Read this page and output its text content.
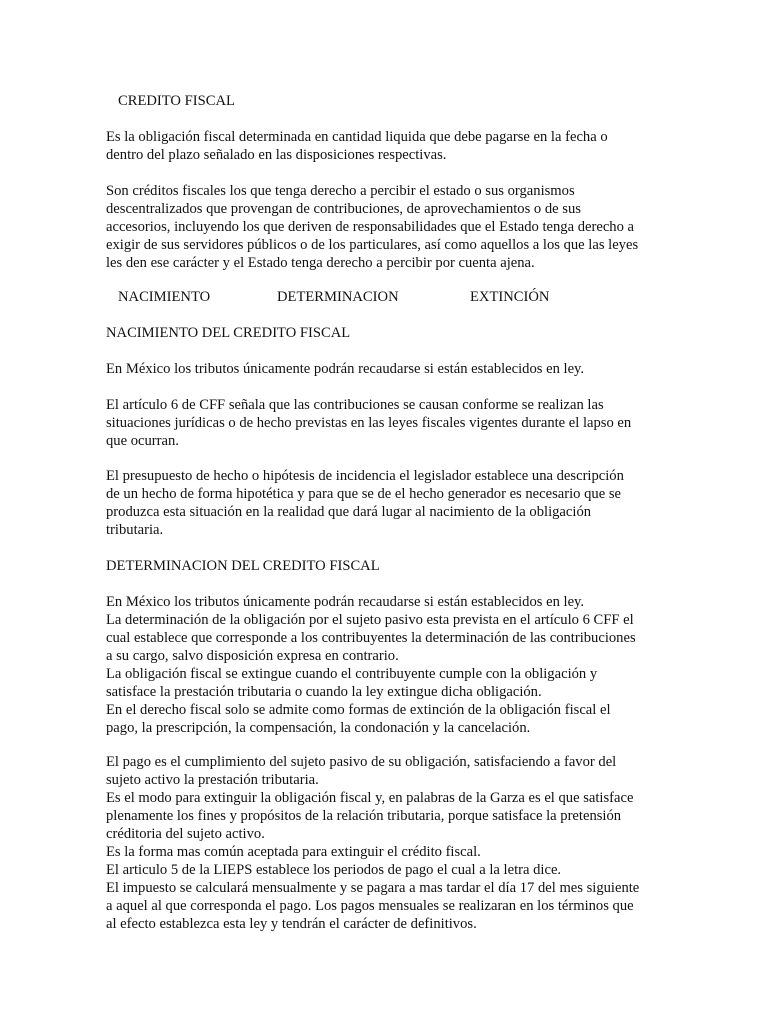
CREDITO FISCAL

Es la obligación fiscal determinada en cantidad liquida que debe pagarse en la fecha o
dentro del plazo señalado en las disposiciones respectivas.

Son créditos fiscales los que tenga derecho a percibir el estado o sus organismos
descentralizados que provengan de contribuciones, de aprovechamientos o de sus
accesorios, incluyendo los que deriven de responsabilidades que el Estado tenga derecho a
exigir de sus servidores públicos o de los particulares, así como aquellos a los que las leyes
les den ese carácter y el Estado tenga derecho a percibir por cuenta ajena.

NACIMIENTO	DETERMINACION	EXTINCIÓN
NACIMIENTO DEL CREDITO FISCAL

En México los tributos únicamente podrán recaudarse si están establecidos en ley.

El artículo 6 de CFF señala que las contribuciones se causan conforme se realizan las
situaciones jurídicas o de hecho previstas en las leyes fiscales vigentes durante el lapso en
que ocurran.

El presupuesto de hecho o hipótesis de incidencia el legislador establece una descripción
de un hecho de forma hipotética y para que se de el hecho generador es necesario que se
produzca esta situación en la realidad que dará lugar al nacimiento de la obligación
tributaria.

DETERMINACION DEL CREDITO FISCAL

En México los tributos únicamente podrán recaudarse si están establecidos en ley.
La determinación de la obligación por el sujeto pasivo esta prevista en el artículo 6 CFF el
cual establece que corresponde a los contribuyentes la determinación de las contribuciones
a su cargo, salvo disposición expresa en contrario.
La obligación fiscal se extingue cuando el contribuyente cumple con la obligación y
satisface la prestación tributaria o cuando la ley extingue dicha obligación.
En el derecho fiscal solo se admite como formas de extinción de la obligación fiscal el
pago, la prescripción, la compensación, la condonación y la cancelación.

El pago es el cumplimiento del sujeto pasivo de su obligación, satisfaciendo a favor del
sujeto activo la prestación tributaria.
Es el modo para extinguir la obligación fiscal y, en palabras de la Garza es el que satisface
plenamente los fines y propósitos de la relación tributaria, porque satisface la pretensión
créditoria del sujeto activo.
Es la forma mas común aceptada para extinguir el crédito fiscal.
El articulo 5 de la LIEPS establece los periodos de pago el cual a la letra dice.
El impuesto se calculará mensualmente y se pagara a mas tardar el día 17 del mes siguiente
a aquel al que corresponda el pago. Los pagos mensuales se realizaran en los términos que
al efecto establezca esta ley y tendrán el carácter de definitivos.
